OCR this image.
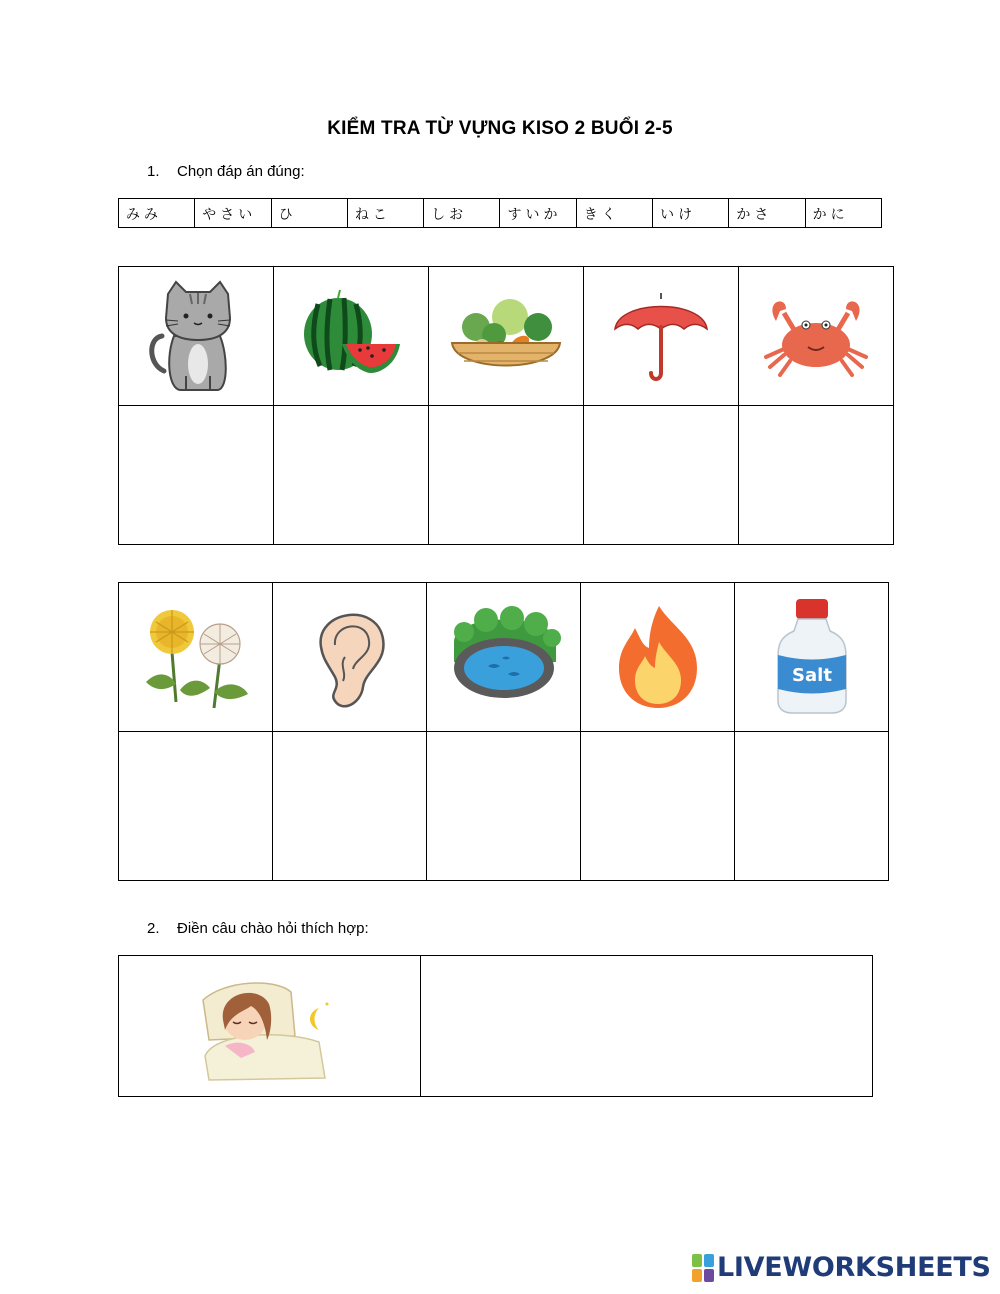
KIỂM TRA TỪ VỰNG KISO 2 BUỔI 2-5
1. Chọn đáp án đúng:
みみ	やさい	ひ	ねこ	しお	すいか	きく	いけ	かさ	かに

Salt

2. Điền câu chào hỏi thích hợp:
LIVEWORKSHEETS
